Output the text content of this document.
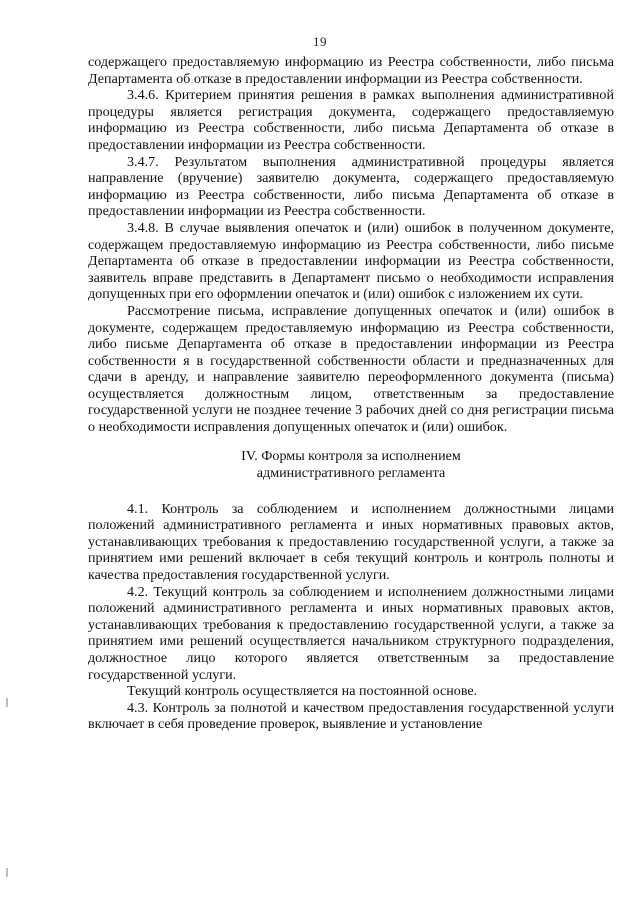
19

содержащего предоставляемую информацию из Реестра собственности, либо письма Департамента об отказе в предоставлении информации из Реестра собственности.

3.4.6. Критерием принятия решения в рамках выполнения административной процедуры является регистрация документа, содержащего предоставляемую информацию из Реестра собственности, либо письма Департамента об отказе в предоставлении информации из Реестра собственности.

3.4.7. Результатом выполнения административной процедуры является направление (вручение) заявителю документа, содержащего предоставляемую информацию из Реестра собственности, либо письма Департамента об отказе в предоставлении информации из Реестра собственности.

3.4.8. В случае выявления опечаток и (или) ошибок в полученном документе, содержащем предоставляемую информацию из Реестра собственности, либо письме Департамента об отказе в предоставлении информации из Реестра собственности, заявитель вправе представить в Департамент письмо о необходимости исправления допущенных при его оформлении опечаток и (или) ошибок с изложением их сути.

Рассмотрение письма, исправление допущенных опечаток и (или) ошибок в документе, содержащем предоставляемую информацию из Реестра собственности, либо письме Департамента об отказе в предоставлении информации из Реестра собственности я в государственной собственности области и предназначенных для сдачи в аренду, и направление заявителю переоформленного документа (письма) осуществляется должностным лицом, ответственным за предоставление государственной услуги не позднее течение 3 рабочих дней со дня регистрации письма о необходимости исправления допущенных опечаток и (или) ошибок.

IV. Формы контроля за исполнением
административного регламента

4.1. Контроль за соблюдением и исполнением должностными лицами положений административного регламента и иных нормативных правовых актов, устанавливающих требования к предоставлению государственной услуги, а также за принятием ими решений включает в себя текущий контроль и контроль полноты и качества предоставления государственной услуги.

4.2. Текущий контроль за соблюдением и исполнением должностными лицами положений административного регламента и иных нормативных правовых актов, устанавливающих требования к предоставлению государственной услуги, а также за принятием ими решений осуществляется начальником структурного подразделения, должностное лицо которого является ответственным за предоставление государственной услуги.

Текущий контроль осуществляется на постоянной основе.

4.3. Контроль за полнотой и качеством предоставления государственной услуги включает в себя проведение проверок, выявление и установление
